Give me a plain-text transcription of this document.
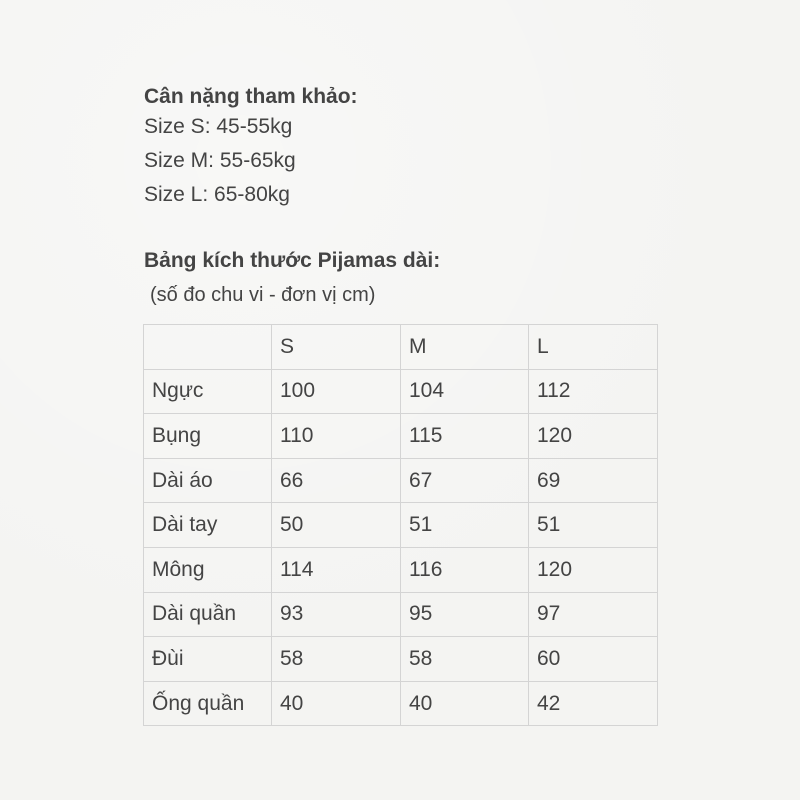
Cân nặng tham khảo:

Size S: 45-55kg

Size M: 55-65kg

Size L: 65-80kg

Bảng kích thước Pijamas dài:

(số đo chu vi - đơn vị cm)

	S	M	L
Ngực	100	104	112
Bụng	110	115	120
Dài áo	66	67	69
Dài tay	50	51	51
Mông	114	116	120
Dài quần	93	95	97
Đùi	58	58	60
Ống quần	40	40	42
